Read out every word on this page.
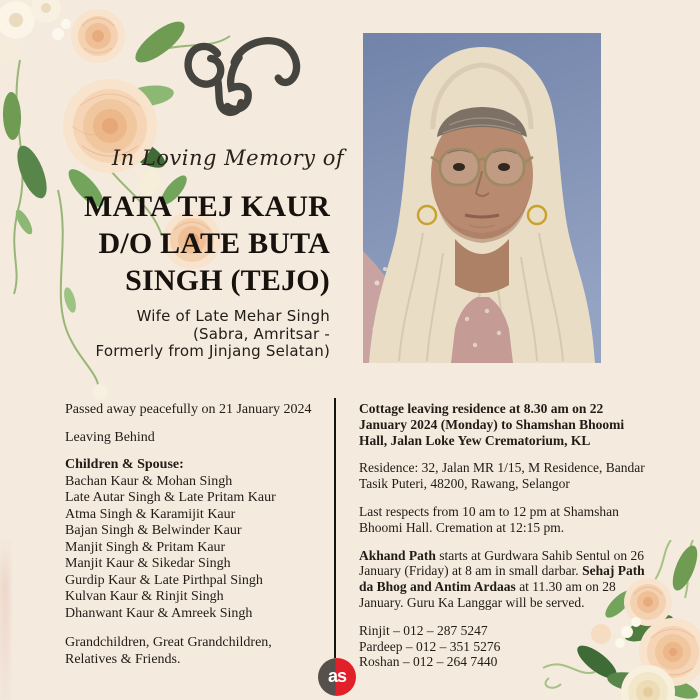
In Loving Memory of
MATA TEJ KAUR
D/O LATE BUTA
SINGH (TEJO)
Wife of Late Mehar Singh
(Sabra, Amritsar -
Formerly from Jinjang Selatan)
Passed away peacefully on 21 January 2024
Leaving Behind
Children & Spouse:
Bachan Kaur & Mohan Singh
Late Autar Singh & Late Pritam Kaur
Atma Singh & Karamijit Kaur
Bajan Singh & Belwinder Kaur
Manjit Singh & Pritam Kaur
Manjit Kaur & Sikedar Singh
Gurdip Kaur & Late Pirthpal Singh
Kulvan Kaur & Rinjit Singh
Dhanwant Kaur & Amreek Singh
Grandchildren, Great Grandchildren,
Relatives & Friends.

Cottage leaving residence at 8.30 am on 22 January 2024 (Monday) to Shamshan Bhoomi Hall, Jalan Loke Yew Crematorium, KL

Residence: 32, Jalan MR 1/15, M Residence, Bandar Tasik Puteri, 48200, Rawang, Selangor

Last respects from 10 am to 12 pm at Shamshan Bhoomi Hall. Cremation at 12:15 pm.

Akhand Path starts at Gurdwara Sahib Sentul on 26 January (Friday) at 8 am in small darbar. Sehaj Path da Bhog and Antim Ardaas at 11.30 am on 28 January. Guru Ka Langgar will be served.

Rinjit – 012 – 287 5247
Pardeep – 012 – 351 5276
Roshan – 012 – 264 7440
as
